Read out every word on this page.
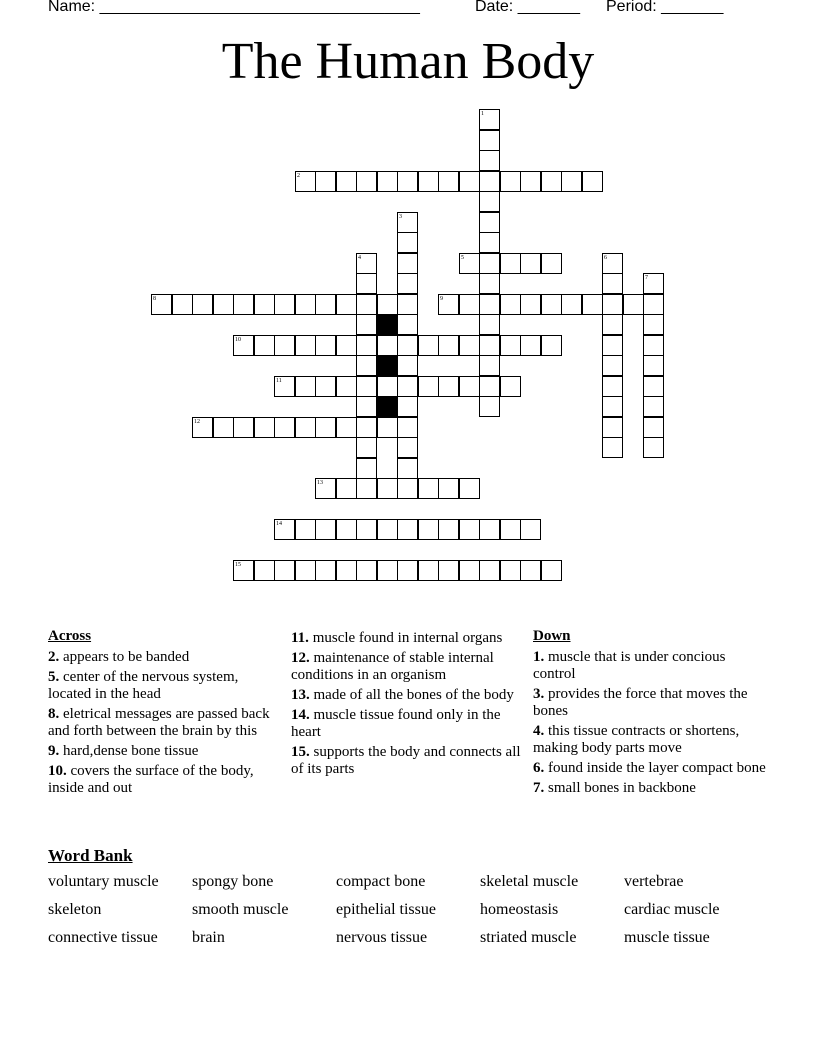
Name: ____________________________________	Date: _______ Period: _______
The Human Body
1
2
3
4	5	6
7
8	9
10
11
12
13
14
15
Across
2. appears to be banded
5. center of the nervous system, located in the head
8. eletrical messages are passed back and forth between the brain by this
9. hard,dense bone tissue
10. covers the surface of the body, inside and out
11. muscle found in internal organs
12. maintenance of stable internal conditions in an organism
13. made of all the bones of the body
14. muscle tissue found only in the heart
15. supports the body and connects all of its parts
Down
1. muscle that is under concious control
3. provides the force that moves the bones
4. this tissue contracts or shortens, making body parts move
6. found inside the layer compact bone
7. small bones in backbone
Word Bank
voluntary muscle	spongy bone	compact bone	skeletal muscle	vertebrae
skeleton	smooth muscle	epithelial tissue	homeostasis	cardiac muscle
connective tissue	brain	nervous tissue	striated muscle	muscle tissue
